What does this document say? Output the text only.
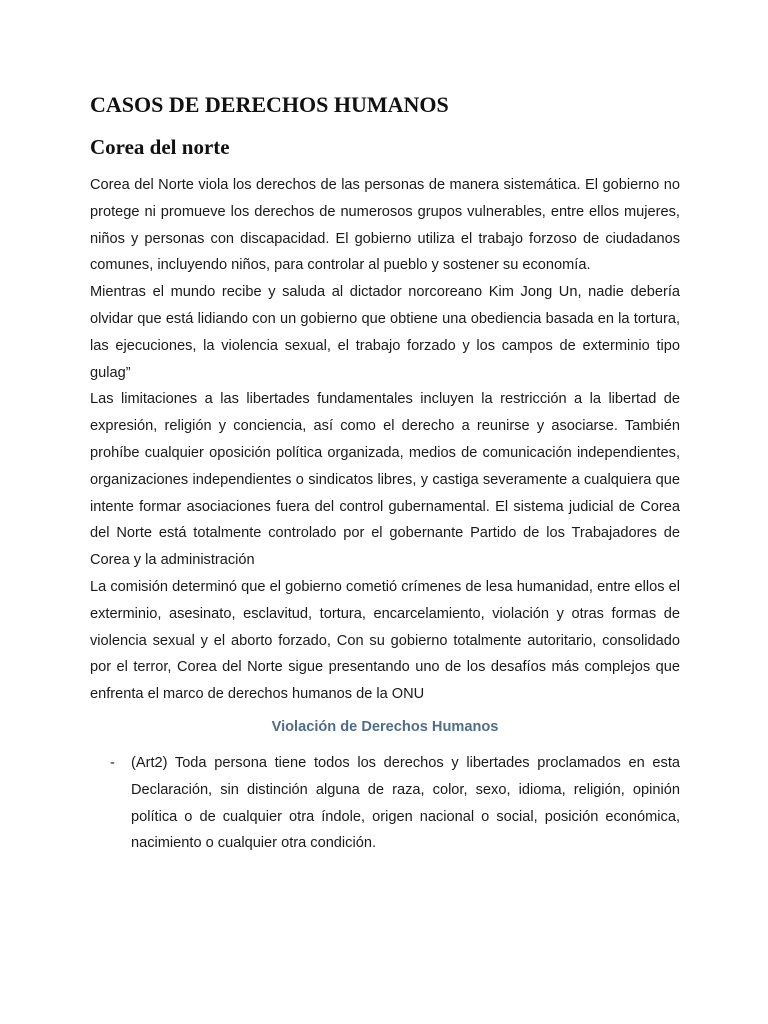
CASOS DE DERECHOS HUMANOS
Corea del norte

Corea del Norte viola los derechos de las personas de manera sistemática. El gobierno no protege ni promueve los derechos de numerosos grupos vulnerables, entre ellos mujeres, niños y personas con discapacidad. El gobierno utiliza el trabajo forzoso de ciudadanos comunes, incluyendo niños, para controlar al pueblo y sostener su economía.

Mientras el mundo recibe y saluda al dictador norcoreano Kim Jong Un, nadie debería olvidar que está lidiando con un gobierno que obtiene una obediencia basada en la tortura, las ejecuciones, la violencia sexual, el trabajo forzado y los campos de exterminio tipo gulag”

Las limitaciones a las libertades fundamentales incluyen la restricción a la libertad de expresión, religión y conciencia, así como el derecho a reunirse y asociarse. También prohíbe cualquier oposición política organizada, medios de comunicación independientes, organizaciones independientes o sindicatos libres, y castiga severamente a cualquiera que intente formar asociaciones fuera del control gubernamental. El sistema judicial de Corea del Norte está totalmente controlado por el gobernante Partido de los Trabajadores de Corea y la administración

La comisión determinó que el gobierno cometió crímenes de lesa humanidad, entre ellos el exterminio, asesinato, esclavitud, tortura, encarcelamiento, violación y otras formas de violencia sexual y el aborto forzado, Con su gobierno totalmente autoritario, consolidado por el terror, Corea del Norte sigue presentando uno de los desafíos más complejos que enfrenta el marco de derechos humanos de la ONU

Violación de Derechos Humanos
- (Art2) Toda persona tiene todos los derechos y libertades proclamados en esta Declaración, sin distinción alguna de raza, color, sexo, idioma, religión, opinión política o de cualquier otra índole, origen nacional o social, posición económica, nacimiento o cualquier otra condición.
